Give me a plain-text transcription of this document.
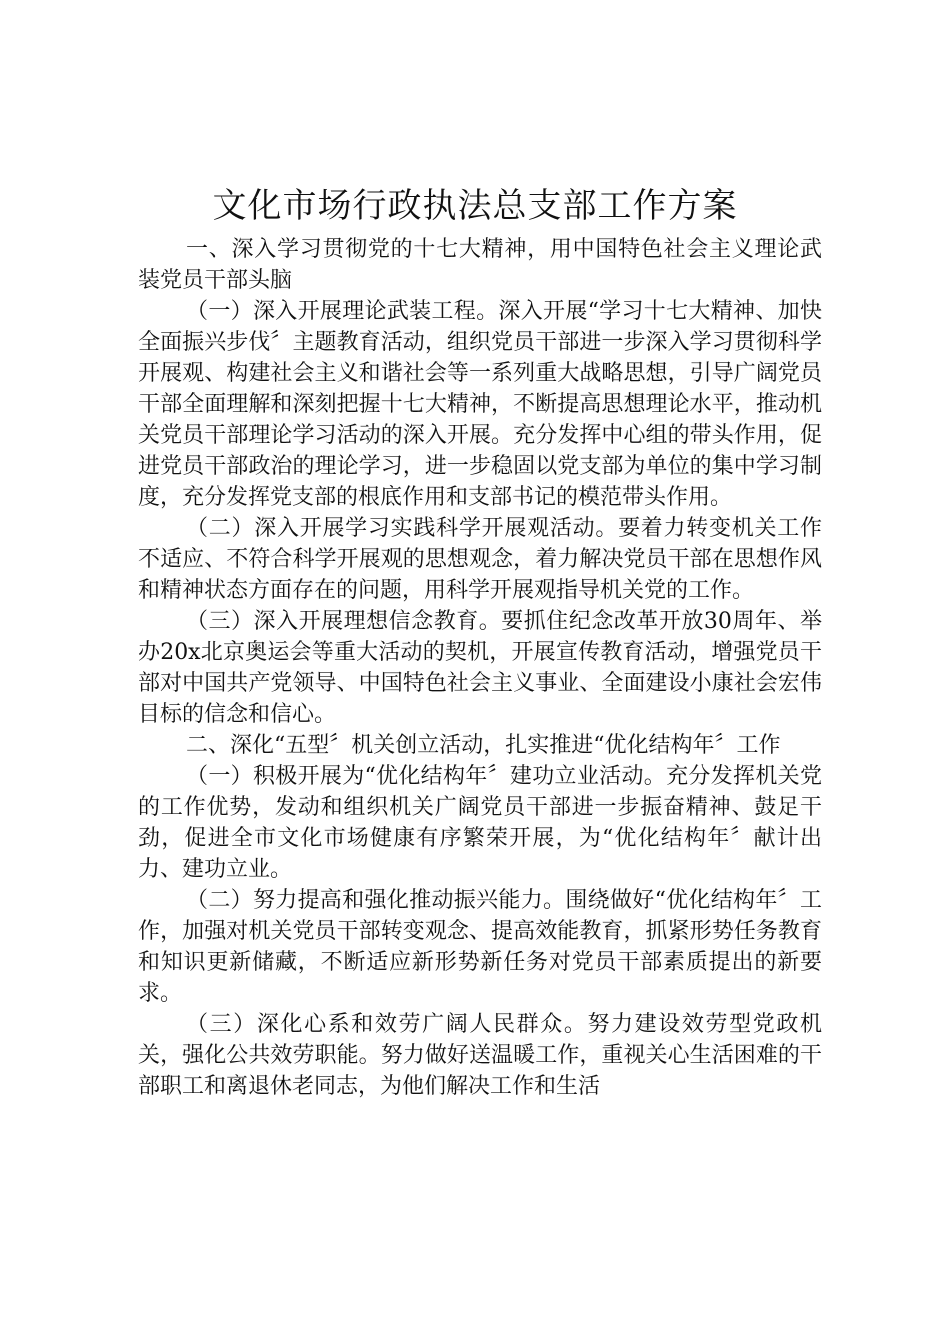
文化市场行政执法总支部工作方案

一、深入学习贯彻党的十七大精神，用中国特色社会主义理论武装党员干部头脑

（一）深入开展理论武装工程。深入开展“学习十七大精神、加快全面振兴步伐〞主题教育活动，组织党员干部进一步深入学习贯彻科学开展观、构建社会主义和谐社会等一系列重大战略思想，引导广阔党员干部全面理解和深刻把握十七大精神，不断提高思想理论水平，推动机关党员干部理论学习活动的深入开展。充分发挥中心组的带头作用，促进党员干部政治的理论学习，进一步稳固以党支部为单位的集中学习制度，充分发挥党支部的根底作用和支部书记的模范带头作用。

（二）深入开展学习实践科学开展观活动。要着力转变机关工作不适应、不符合科学开展观的思想观念，着力解决党员干部在思想作风和精神状态方面存在的问题，用科学开展观指导机关党的工作。

（三）深入开展理想信念教育。要抓住纪念改革开放30周年、举办20x北京奥运会等重大活动的契机，开展宣传教育活动，增强党员干部对中国共产党领导、中国特色社会主义事业、全面建设小康社会宏伟目标的信念和信心。

二、深化“五型〞机关创立活动，扎实推进“优化结构年〞工作

（一）积极开展为“优化结构年〞建功立业活动。充分发挥机关党的工作优势，发动和组织机关广阔党员干部进一步振奋精神、鼓足干劲，促进全市文化市场健康有序繁荣开展，为“优化结构年〞献计出力、建功立业。

（二）努力提高和强化推动振兴能力。围绕做好“优化结构年〞工作，加强对机关党员干部转变观念、提高效能教育，抓紧形势任务教育和知识更新储藏，不断适应新形势新任务对党员干部素质提出的新要求。

（三）深化心系和效劳广阔人民群众。努力建设效劳型党政机关，强化公共效劳职能。努力做好送温暖工作，重视关心生活困难的干部职工和离退休老同志，为他们解决工作和生活
